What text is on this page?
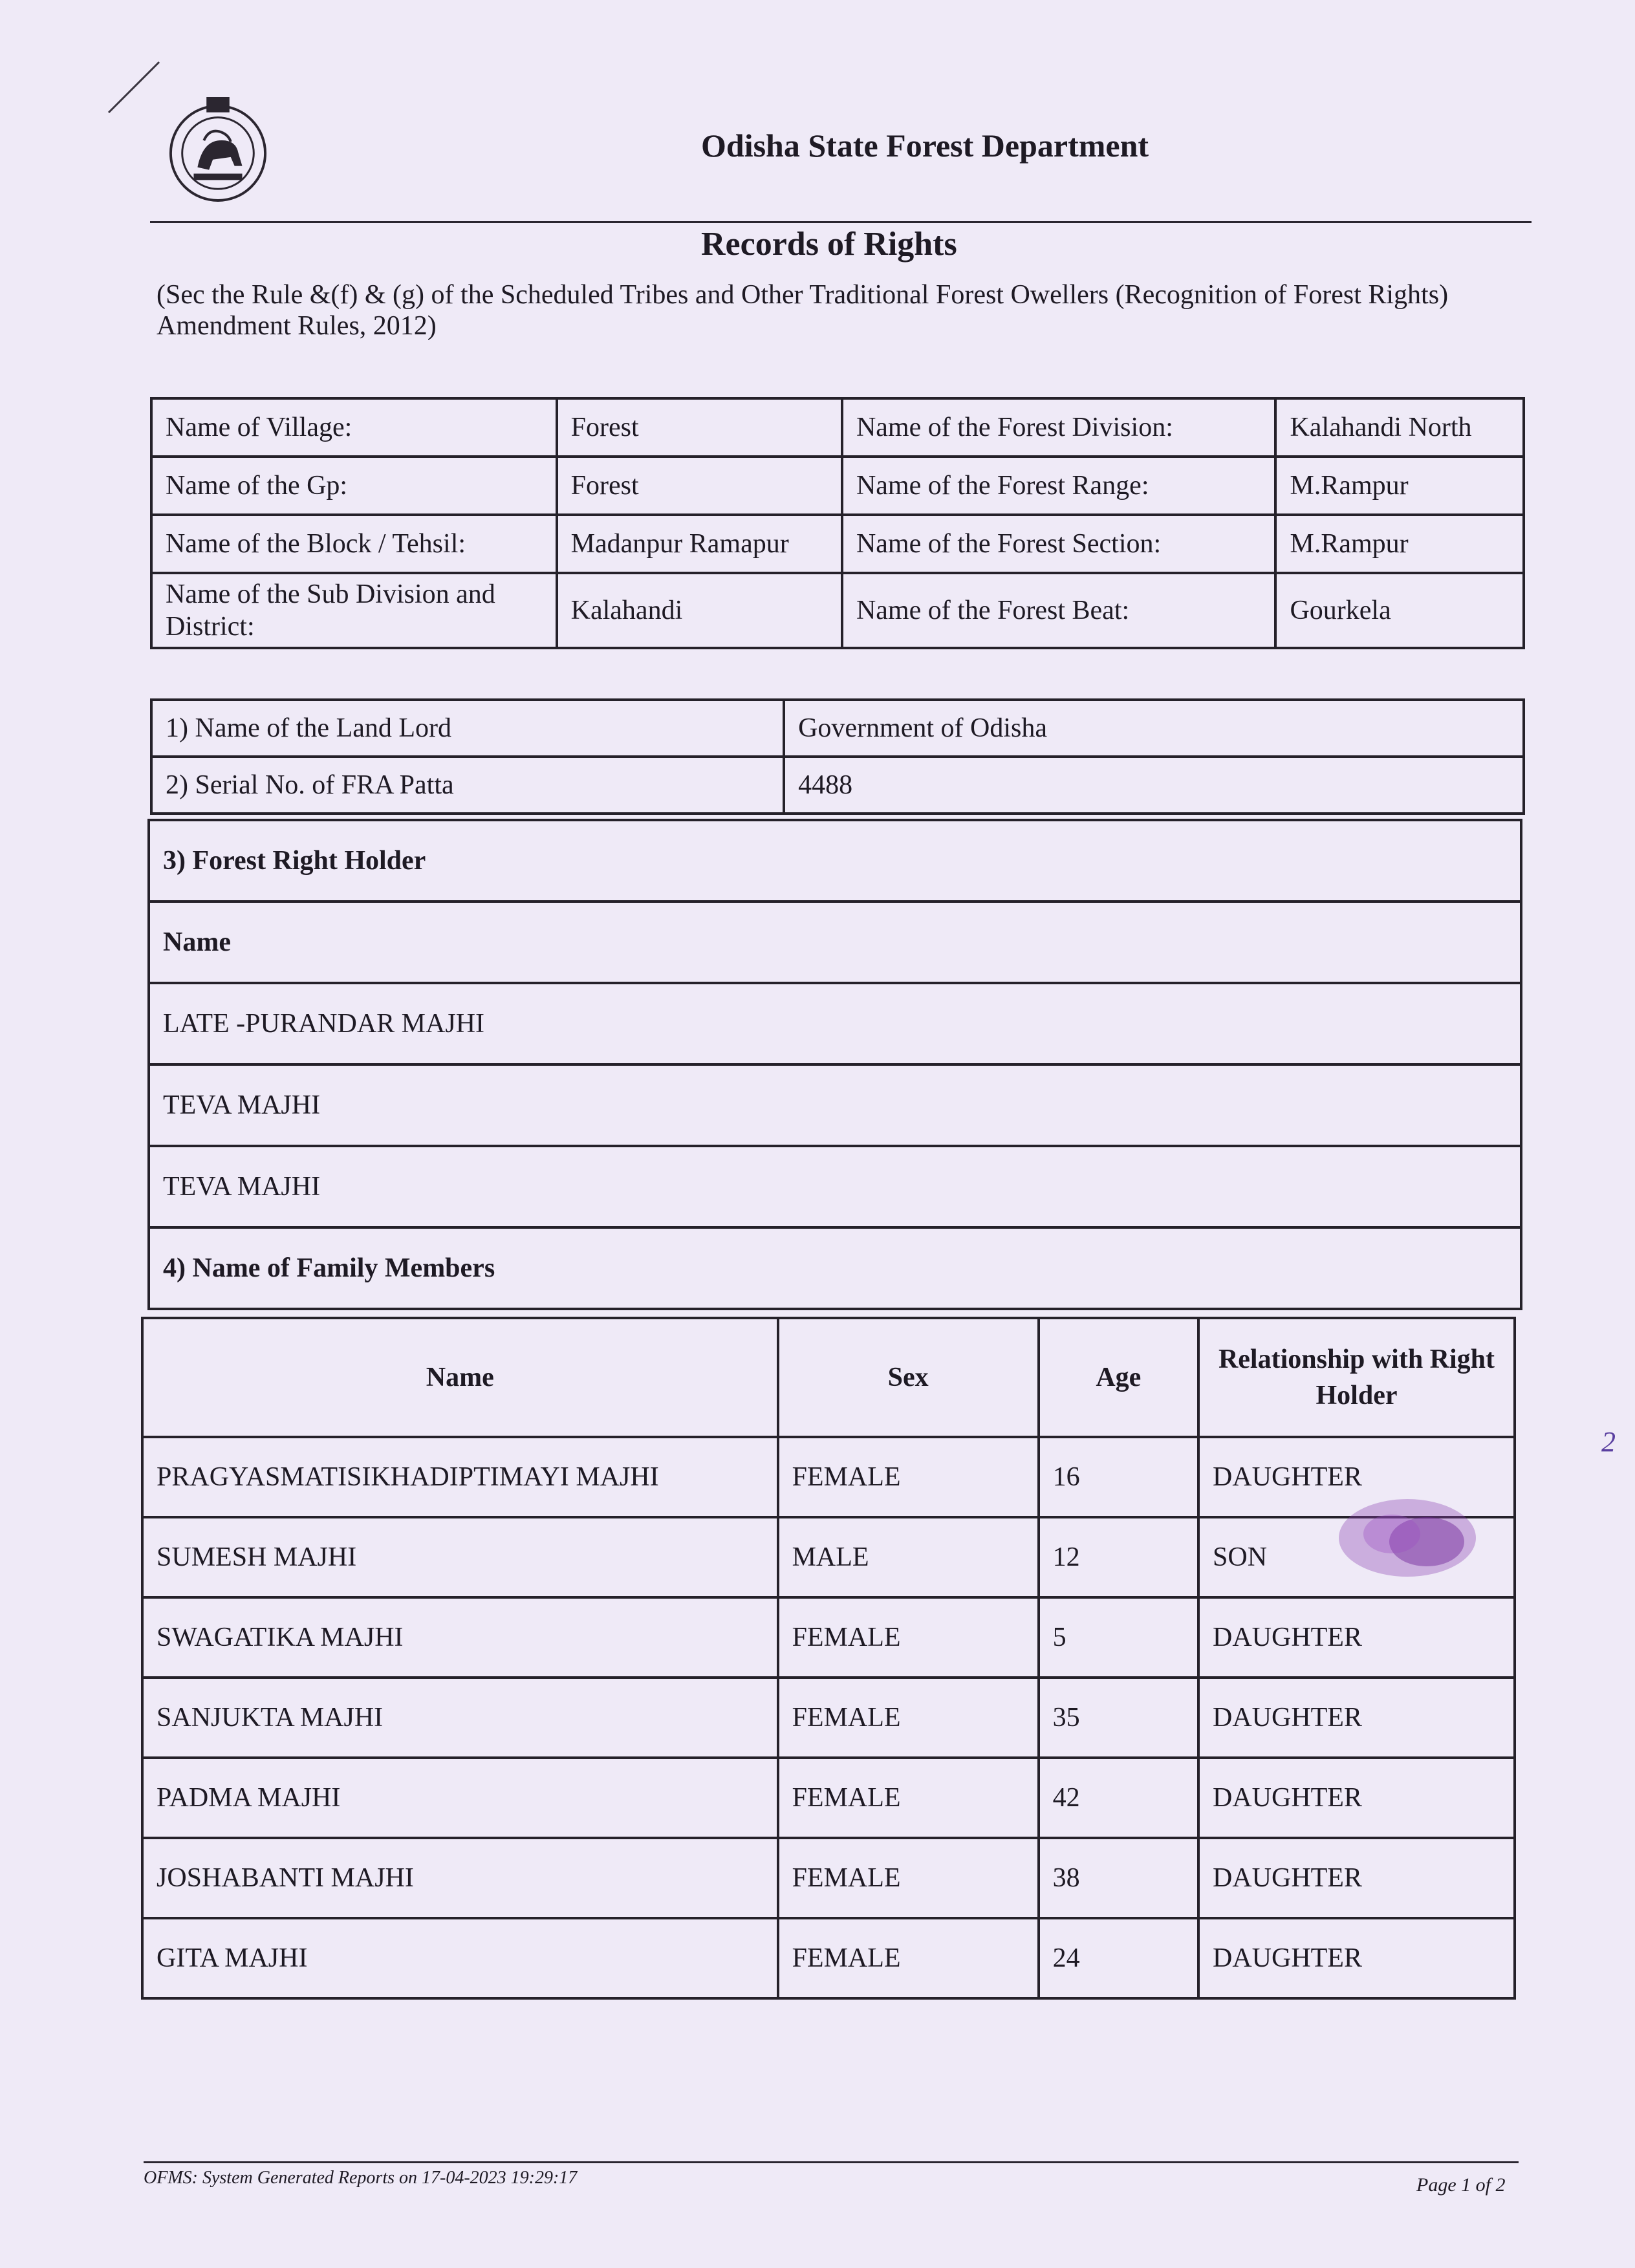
Odisha State Forest Department
Records of Rights
(Sec the Rule &(f) & (g) of the Scheduled Tribes and Other Traditional Forest Owellers (Recognition of Forest Rights) Amendment Rules, 2012)
Name of Village:	Forest	Name of the Forest Division:	Kalahandi North
Name of the Gp:	Forest	Name of the Forest Range:	M.Rampur
Name of the Block / Tehsil:	Madanpur Ramapur	Name of the Forest Section:	M.Rampur
Name of the Sub Division and District:	Kalahandi	Name of the Forest Beat:	Gourkela
1) Name of the Land Lord	Government of Odisha
2) Serial No. of FRA Patta	4488
3) Forest Right Holder
Name
LATE -PURANDAR MAJHI
TEVA MAJHI
TEVA MAJHI
4) Name of Family Members
Name	Sex	Age	Relationship with Right Holder
PRAGYASMATISIKHADIPTIMAYI MAJHI	FEMALE	16	DAUGHTER
SUMESH MAJHI	MALE	12	SON
SWAGATIKA MAJHI	FEMALE	5	DAUGHTER
SANJUKTA MAJHI	FEMALE	35	DAUGHTER
PADMA MAJHI	FEMALE	42	DAUGHTER
JOSHABANTI MAJHI	FEMALE	38	DAUGHTER
GITA MAJHI	FEMALE	24	DAUGHTER
2
OFMS: System Generated Reports on 17-04-2023 19:29:17	Page 1 of 2
